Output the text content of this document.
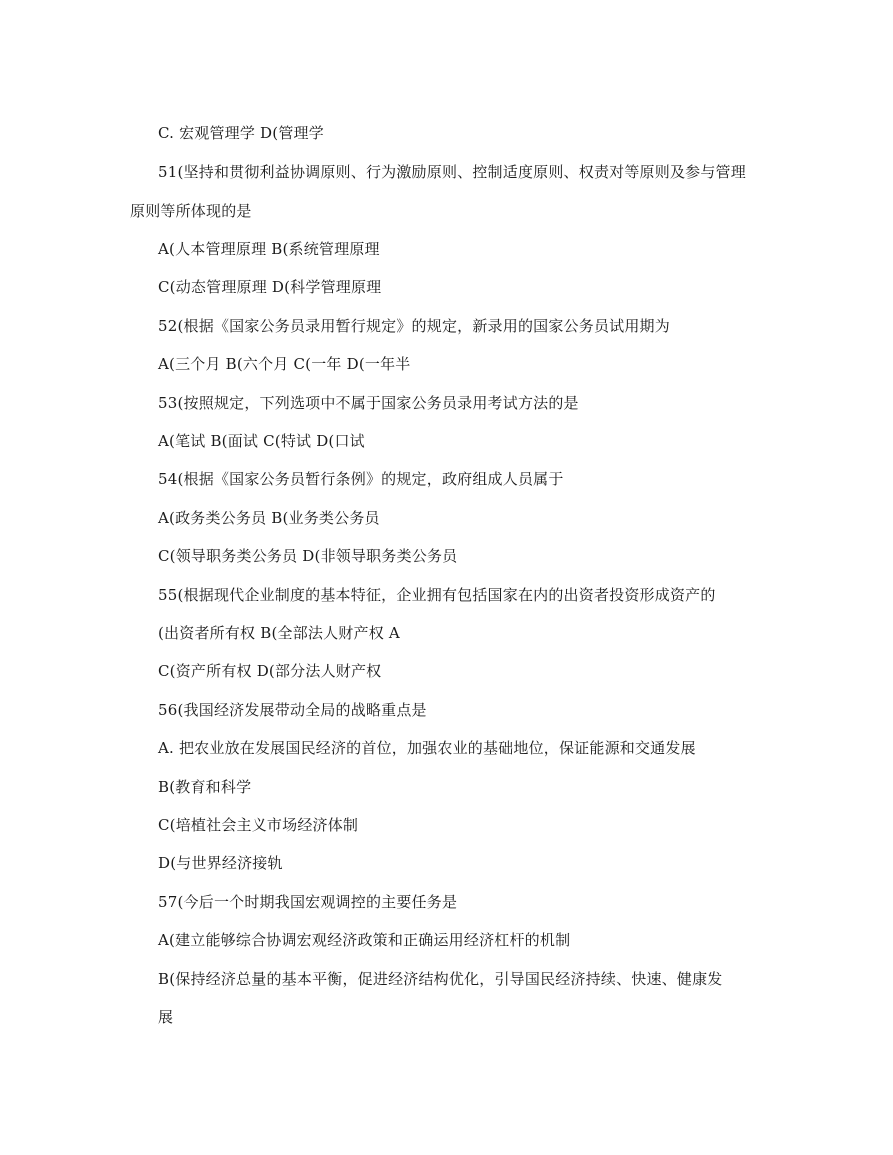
C. 宏观管理学 D(管理学
51(坚持和贯彻利益协调原则、行为激励原则、控制适度原则、权责对等原则及参与管理
原则等所体现的是
A(人本管理原理 B(系统管理原理
C(动态管理原理 D(科学管理原理
52(根据《国家公务员录用暂行规定》的规定，新录用的国家公务员试用期为
A(三个月 B(六个月 C(一年 D(一年半
53(按照规定，下列选项中不属于国家公务员录用考试方法的是
A(笔试 B(面试 C(特试 D(口试
54(根据《国家公务员暂行条例》的规定，政府组成人员属于
A(政务类公务员 B(业务类公务员
C(领导职务类公务员 D(非领导职务类公务员
55(根据现代企业制度的基本特征，企业拥有包括国家在内的出资者投资形成资产的
(出资者所有权 B(全部法人财产权 A
C(资产所有权 D(部分法人财产权
56(我国经济发展带动全局的战略重点是
A. 把农业放在发展国民经济的首位，加强农业的基础地位，保证能源和交通发展
B(教育和科学
C(培植社会主义市场经济体制
D(与世界经济接轨
57(今后一个时期我国宏观调控的主要任务是
A(建立能够综合协调宏观经济政策和正确运用经济杠杆的机制
B(保持经济总量的基本平衡，促进经济结构优化，引导国民经济持续、快速、健康发
展
